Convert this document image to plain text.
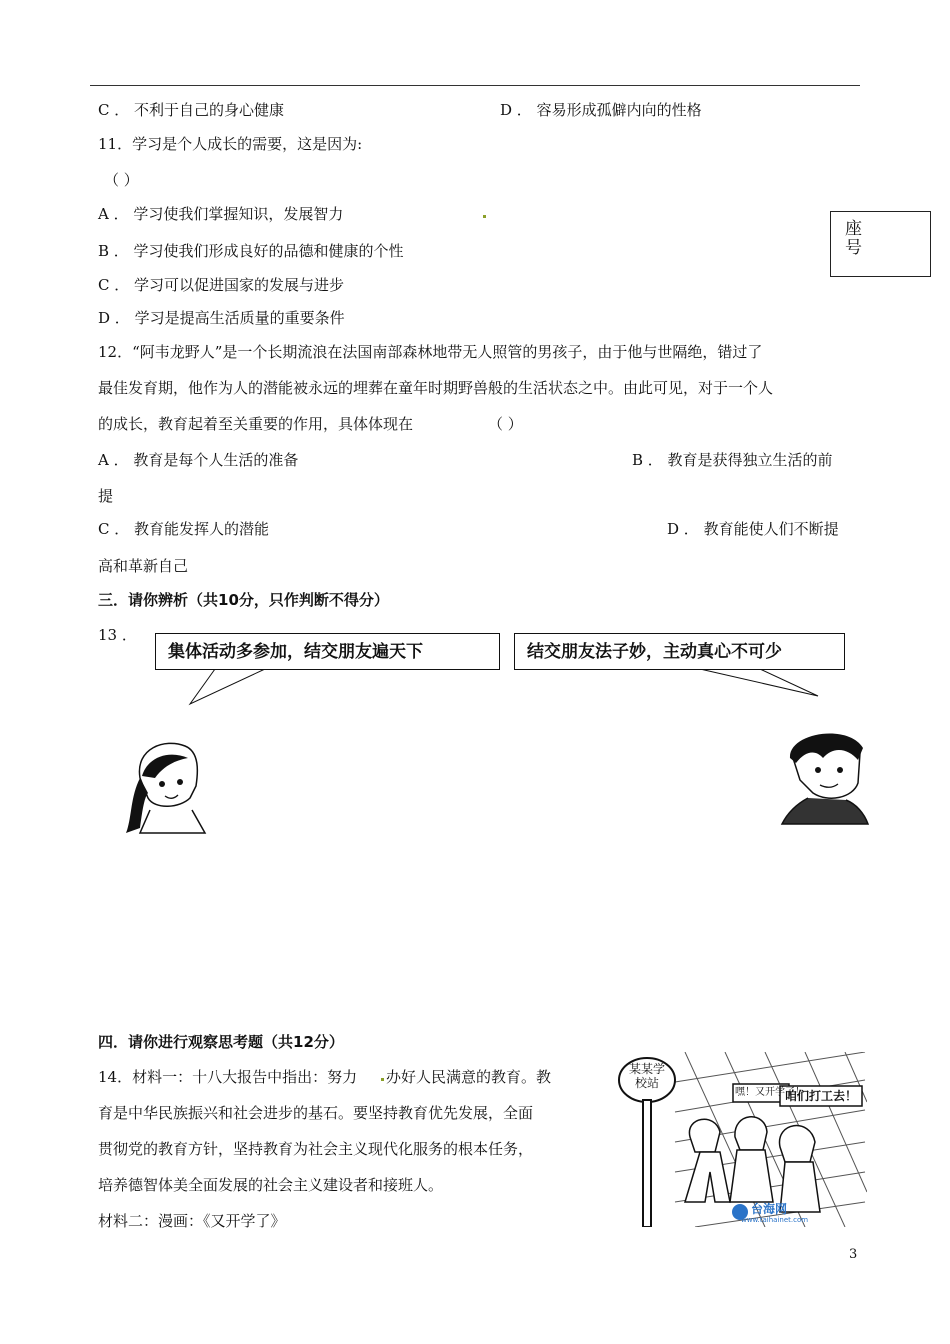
C ． 不利于自己的身心健康	D ． 容易形成孤僻内向的性格
11．学习是个人成长的需要，这是因为:
（ ）
A ． 学习使我们掌握知识，发展智力
B ． 学习使我们形成良好的品德和健康的个性
C ． 学习可以促进国家的发展与进步
D ． 学习是提高生活质量的重要条件
座号
12．“阿韦龙野人”是一个长期流浪在法国南部森林地带无人照管的男孩子，由于他与世隔绝，错过了
最佳发育期，他作为人的潜能被永远的埋葬在童年时期野兽般的生活状态之中。由此可见，对于一个人
的成长，教育起着至关重要的作用，具体体现在	（ ）
A ． 教育是每个人生活的准备	B ． 教育是获得独立生活的前
提
C ． 教育能发挥人的潜能	D ． 教育能使人们不断提
高和革新自己
三．请你辨析（共10分，只作判断不得分）
13 ．
集体活动多参加，结交朋友遍天下	结交朋友法子妙，主动真心不可少
四．请你进行观察思考题（共12分）
14．材料一：十八大报告中指出：努力 办好人民满意的教育。教
育是中华民族振兴和社会进步的基石。要坚持教育优先发展，全面
贯彻党的教育方针，坚持教育为社会主义现代化服务的根本任务，
培养德智体美全面发展的社会主义建设者和接班人。
材料二：漫画：《又开学了》
某某学校站
嘿！又开学了！
咱们打工去！
台海网
www.taihainet.com
3
